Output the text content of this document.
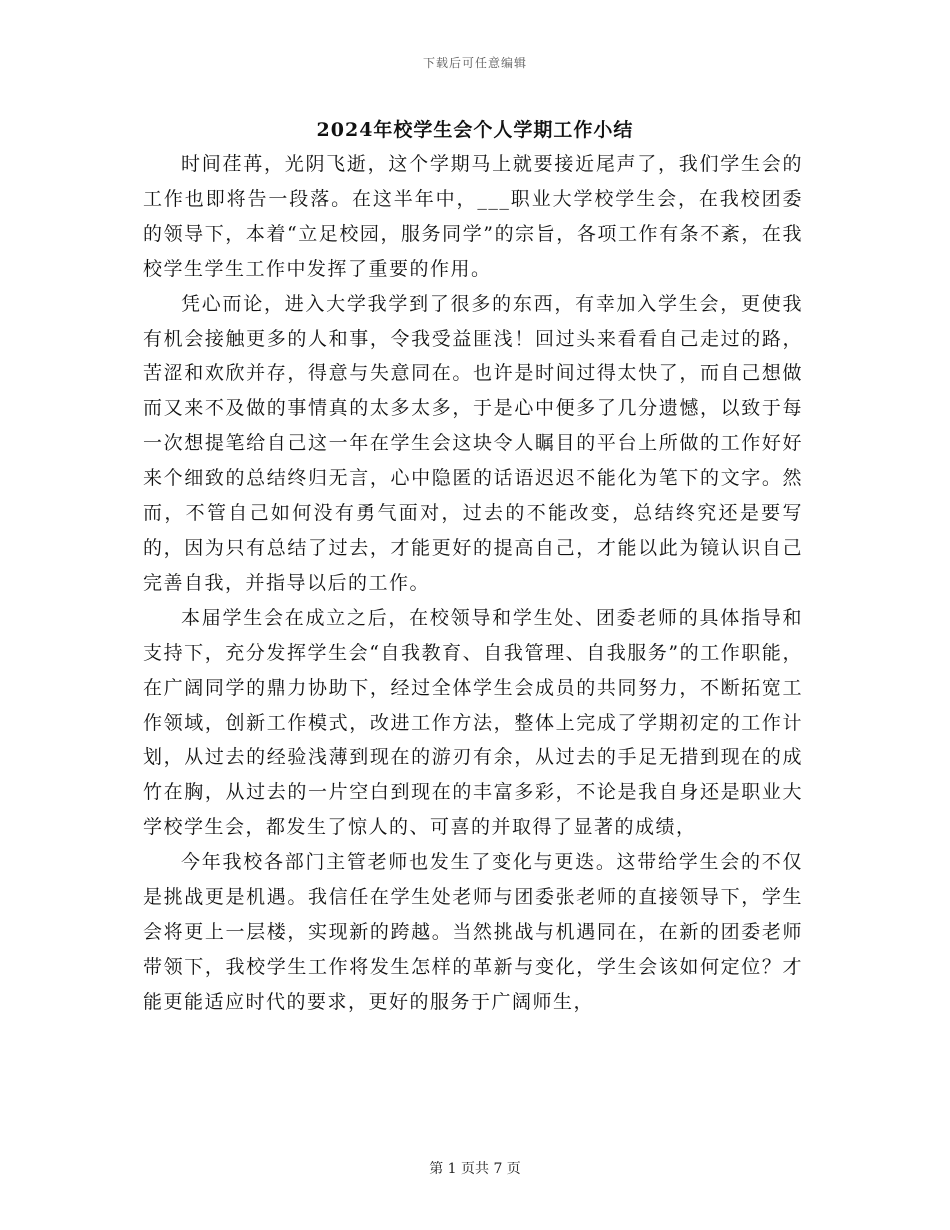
下载后可任意编辑
2024年校学生会个人学期工作小结

时间荏苒，光阴飞逝，这个学期马上就要接近尾声了，我们学生会的工作也即将告一段落。在这半年中，___职业大学校学生会，在我校团委的领导下，本着“立足校园，服务同学”的宗旨，各项工作有条不紊，在我校学生学生工作中发挥了重要的作用。

凭心而论，进入大学我学到了很多的东西，有幸加入学生会，更使我有机会接触更多的人和事，令我受益匪浅！回过头来看看自己走过的路，苦涩和欢欣并存，得意与失意同在。也许是时间过得太快了，而自己想做而又来不及做的事情真的太多太多，于是心中便多了几分遗憾，以致于每一次想提笔给自己这一年在学生会这块令人瞩目的平台上所做的工作好好来个细致的总结终归无言，心中隐匿的话语迟迟不能化为笔下的文字。然而，不管自己如何没有勇气面对，过去的不能改变，总结终究还是要写的，因为只有总结了过去，才能更好的提高自己，才能以此为镜认识自己完善自我，并指导以后的工作。

本届学生会在成立之后，在校领导和学生处、团委老师的具体指导和支持下，充分发挥学生会“自我教育、自我管理、自我服务”的工作职能，在广阔同学的鼎力协助下，经过全体学生会成员的共同努力，不断拓宽工作领域，创新工作模式，改进工作方法，整体上完成了学期初定的工作计划，从过去的经验浅薄到现在的游刃有余，从过去的手足无措到现在的成竹在胸，从过去的一片空白到现在的丰富多彩，不论是我自身还是职业大学校学生会，都发生了惊人的、可喜的并取得了显著的成绩，

今年我校各部门主管老师也发生了变化与更迭。这带给学生会的不仅是挑战更是机遇。我信任在学生处老师与团委张老师的直接领导下，学生会将更上一层楼，实现新的跨越。当然挑战与机遇同在，在新的团委老师带领下，我校学生工作将发生怎样的革新与变化，学生会该如何定位？才能更能适应时代的要求，更好的服务于广阔师生，

第 1 页共 7 页
